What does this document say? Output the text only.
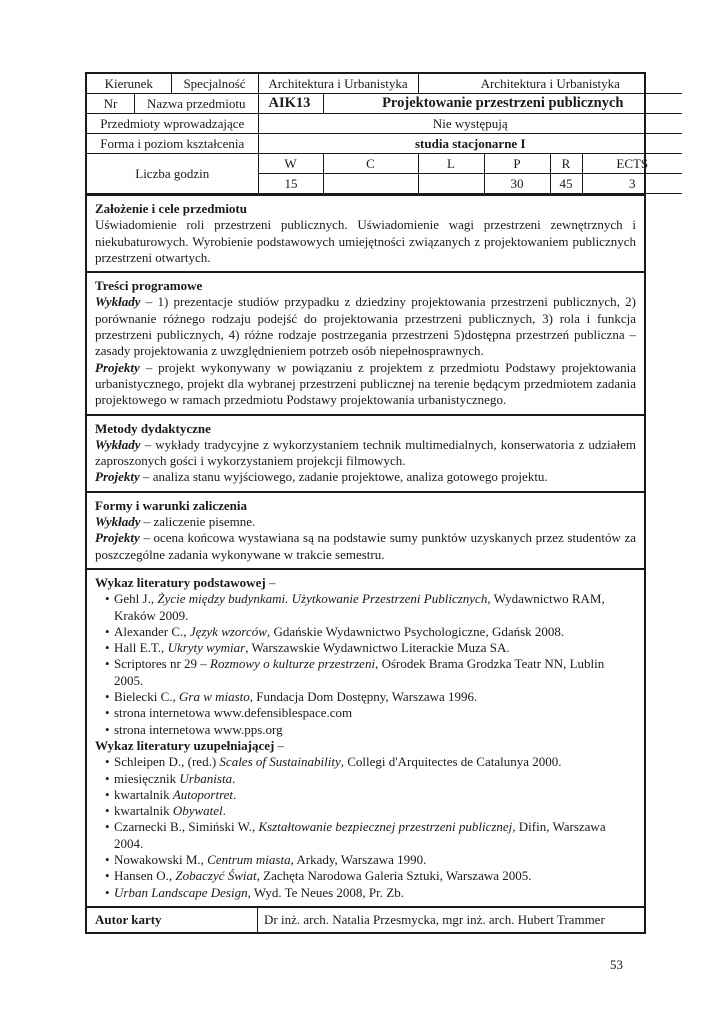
Kierunek	Specjalność	Architektura i Urbanistyka		Architektura i Urbanistyka			

Nr Nazwa przedmiotu		AIK13	Projektowanie przestrzeni publicznych				
Przedmioty wprowadzające		Nie występują					
Forma i poziom kształcenia		studia stacjonarne I					
Liczba godzin		W	C	L	P	R	ECTS
		15			30	45	3

Założenie i cele przedmiotu

Uświadomienie roli przestrzeni publicznych. Uświadomienie wagi przestrzeni zewnętrznych i niekubaturowych. Wyrobienie podstawowych umiejętności związanych z projektowaniem publicznych przestrzeni otwartych.

Treści programowe

Wykłady – 1) prezentacje studiów przypadku z dziedziny projektowania przestrzeni publicznych, 2) porównanie różnego rodzaju podejść do projektowania przestrzeni publicznych, 3) rola i funkcja przestrzeni publicznych, 4) różne rodzaje postrzegania przestrzeni 5)dostępna przestrzeń publiczna – zasady projektowania z uwzględnieniem potrzeb osób niepełnosprawnych.

Projekty – projekt wykonywany w powiązaniu z projektem z przedmiotu Podstawy projektowania urbanistycznego, projekt dla wybranej przestrzeni publicznej na terenie będącym przedmiotem zadania projektowego w ramach przedmiotu Podstawy projektowania urbanistycznego.

Metody dydaktyczne

Wykłady – wykłady tradycyjne z wykorzystaniem technik multimedialnych, konserwatoria z udziałem zaproszonych gości i wykorzystaniem projekcji filmowych.

Projekty – analiza stanu wyjściowego, zadanie projektowe, analiza gotowego projektu.

Formy i warunki zaliczenia

Wykłady – zaliczenie pisemne.

Projekty – ocena końcowa wystawiana są na podstawie sumy punktów uzyskanych przez studentów za poszczególne zadania wykonywane w trakcie semestru.

Wykaz literatury podstawowej –

• Gehl J., Życie między budynkami. Użytkowanie Przestrzeni Publicznych, Wydawnictwo RAM, Kraków 2009.
• Alexander C., Język wzorców, Gdańskie Wydawnictwo Psychologiczne, Gdańsk 2008.
• Hall E.T., Ukryty wymiar, Warszawskie Wydawnictwo Literackie Muza SA.
• Scriptores nr 29 – Rozmowy o kulturze przestrzeni, Ośrodek Brama Grodzka Teatr NN, Lublin 2005.
• Bielecki C., Gra w miasto, Fundacja Dom Dostępny, Warszawa 1996.
• strona internetowa www.defensiblespace.com
• strona internetowa www.pps.org

Wykaz literatury uzupełniającej –

• Schleipen D., (red.) Scales of Sustainability, Collegi d'Arquitectes de Catalunya 2000.
• miesięcznik Urbanista.
• kwartalnik Autoportret.
• kwartalnik Obywatel.
• Czarnecki B., Simiński W., Kształtowanie bezpiecznej przestrzeni publicznej, Difin, Warszawa 2004.
• Nowakowski M., Centrum miasta, Arkady, Warszawa 1990.
• Hansen O., Zobaczyć Świat, Zachęta Narodowa Galeria Sztuki, Warszawa 2005.
• Urban Landscape Design, Wyd. Te Neues 2008, Pr. Zb.
Autor karty	Dr inż. arch. Natalia Przesmycka, mgr inż. arch. Hubert Trammer
53
